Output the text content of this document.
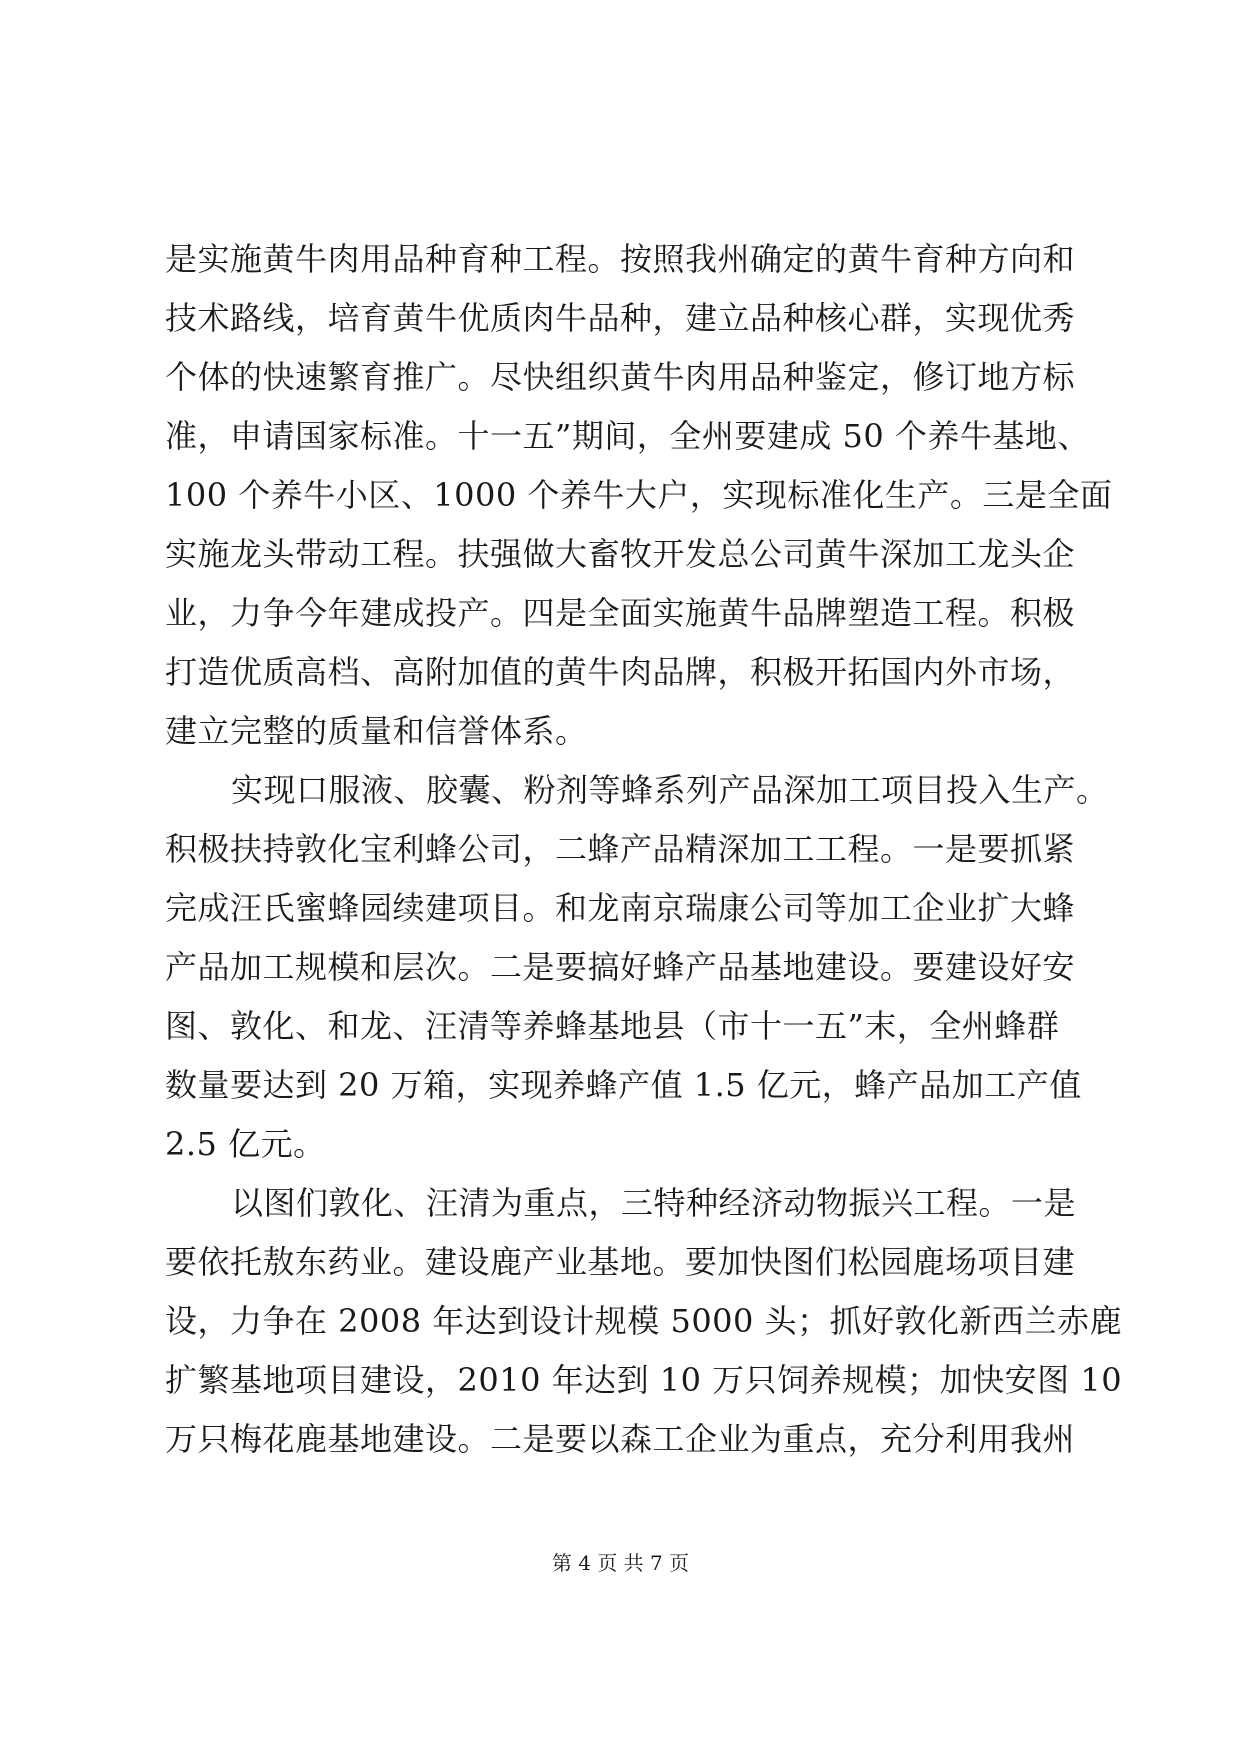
是实施黄牛肉用品种育种工程。按照我州确定的黄牛育种方向和
技术路线，培育黄牛优质肉牛品种，建立品种核心群，实现优秀
个体的快速繁育推广。尽快组织黄牛肉用品种鉴定，修订地方标
准，申请国家标准。十一五”期间，全州要建成 50 个养牛基地、
100 个养牛小区、1000 个养牛大户，实现标准化生产。三是全面
实施龙头带动工程。扶强做大畜牧开发总公司黄牛深加工龙头企
业，力争今年建成投产。四是全面实施黄牛品牌塑造工程。积极
打造优质高档、高附加值的黄牛肉品牌，积极开拓国内外市场，
建立完整的质量和信誉体系。
实现口服液、胶囊、粉剂等蜂系列产品深加工项目投入生产。
积极扶持敦化宝利蜂公司，二蜂产品精深加工工程。一是要抓紧
完成汪氏蜜蜂园续建项目。和龙南京瑞康公司等加工企业扩大蜂
产品加工规模和层次。二是要搞好蜂产品基地建设。要建设好安
图、敦化、和龙、汪清等养蜂基地县（市十一五”末，全州蜂群
数量要达到 20 万箱，实现养蜂产值 1.5 亿元，蜂产品加工产值
2.5 亿元。
以图们敦化、汪清为重点，三特种经济动物振兴工程。一是
要依托敖东药业。建设鹿产业基地。要加快图们松园鹿场项目建
设，力争在 2008 年达到设计规模 5000 头；抓好敦化新西兰赤鹿
扩繁基地项目建设，2010 年达到 10 万只饲养规模；加快安图 10
万只梅花鹿基地建设。二是要以森工企业为重点，充分利用我州
第 4 页 共 7 页
